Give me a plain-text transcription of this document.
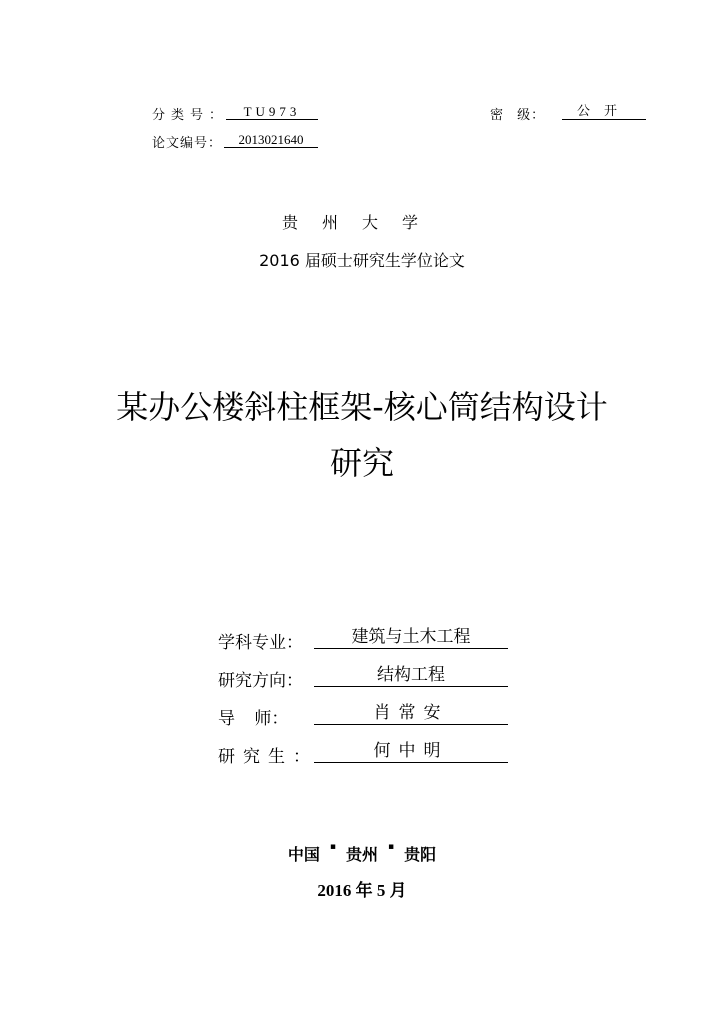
分类号：	TU973	密 级：	公开
论文编号：	2013021640
贵州大学
2016 届硕士研究生学位论文
某办公楼斜柱框架-核心筒结构设计
研究
学科专业：	建筑与土木工程
研究方向：	结构工程
导 师：	肖常安
研究生：	何中明
中国 ▪ 贵州 ▪ 贵阳
2016 年 5 月
